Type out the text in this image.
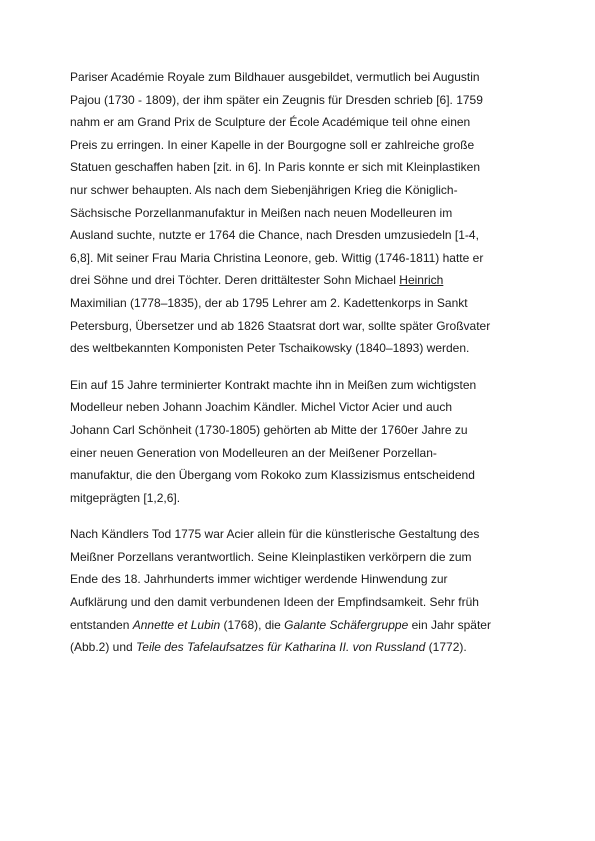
Pariser Académie Royale zum Bildhauer ausgebildet, vermutlich bei Augustin
Pajou (1730 - 1809), der ihm später ein Zeugnis für Dresden schrieb [6]. 1759
nahm er am Grand Prix de Sculpture der École Académique teil ohne einen
Preis zu erringen. In einer Kapelle in der Bourgogne soll er zahlreiche große
Statuen geschaffen haben [zit. in 6]. In Paris konnte er sich mit Kleinplastiken
nur schwer behaupten. Als nach dem Siebenjährigen Krieg die Königlich-
Sächsische Porzellanmanufaktur in Meißen nach neuen Modelleuren im
Ausland suchte, nutzte er 1764 die Chance, nach Dresden umzusiedeln [1-4,
6,8]. Mit seiner Frau Maria Christina Leonore, geb. Wittig (1746-1811) hatte er
drei Söhne und drei Töchter. Deren drittältester Sohn Michael Heinrich
Maximilian (1778–1835), der ab 1795 Lehrer am 2. Kadettenkorps in Sankt
Petersburg, Übersetzer und ab 1826 Staatsrat dort war, sollte später Großvater
des weltbekannten Komponisten Peter Tschaikowsky (1840–1893) werden.
Ein auf 15 Jahre terminierter Kontrakt machte ihn in Meißen zum wichtigsten
Modelleur neben Johann Joachim Kändler. Michel Victor Acier und auch
Johann Carl Schönheit (1730-1805) gehörten ab Mitte der 1760er Jahre zu
einer neuen Generation von Modelleuren an der Meißener Porzellan-
manufaktur, die den Übergang vom Rokoko zum Klassizismus entscheidend
mitgeprägten [1,2,6].
Nach Kändlers Tod 1775 war Acier allein für die künstlerische Gestaltung des
Meißner Porzellans verantwortlich. Seine Kleinplastiken verkörpern die zum
Ende des 18. Jahrhunderts immer wichtiger werdende Hinwendung zur
Aufklärung und den damit verbundenen Ideen der Empfindsamkeit. Sehr früh
entstanden Annette et Lubin (1768), die Galante Schäfergruppe ein Jahr später
(Abb.2) und Teile des Tafelaufsatzes für Katharina II. von Russland (1772).
